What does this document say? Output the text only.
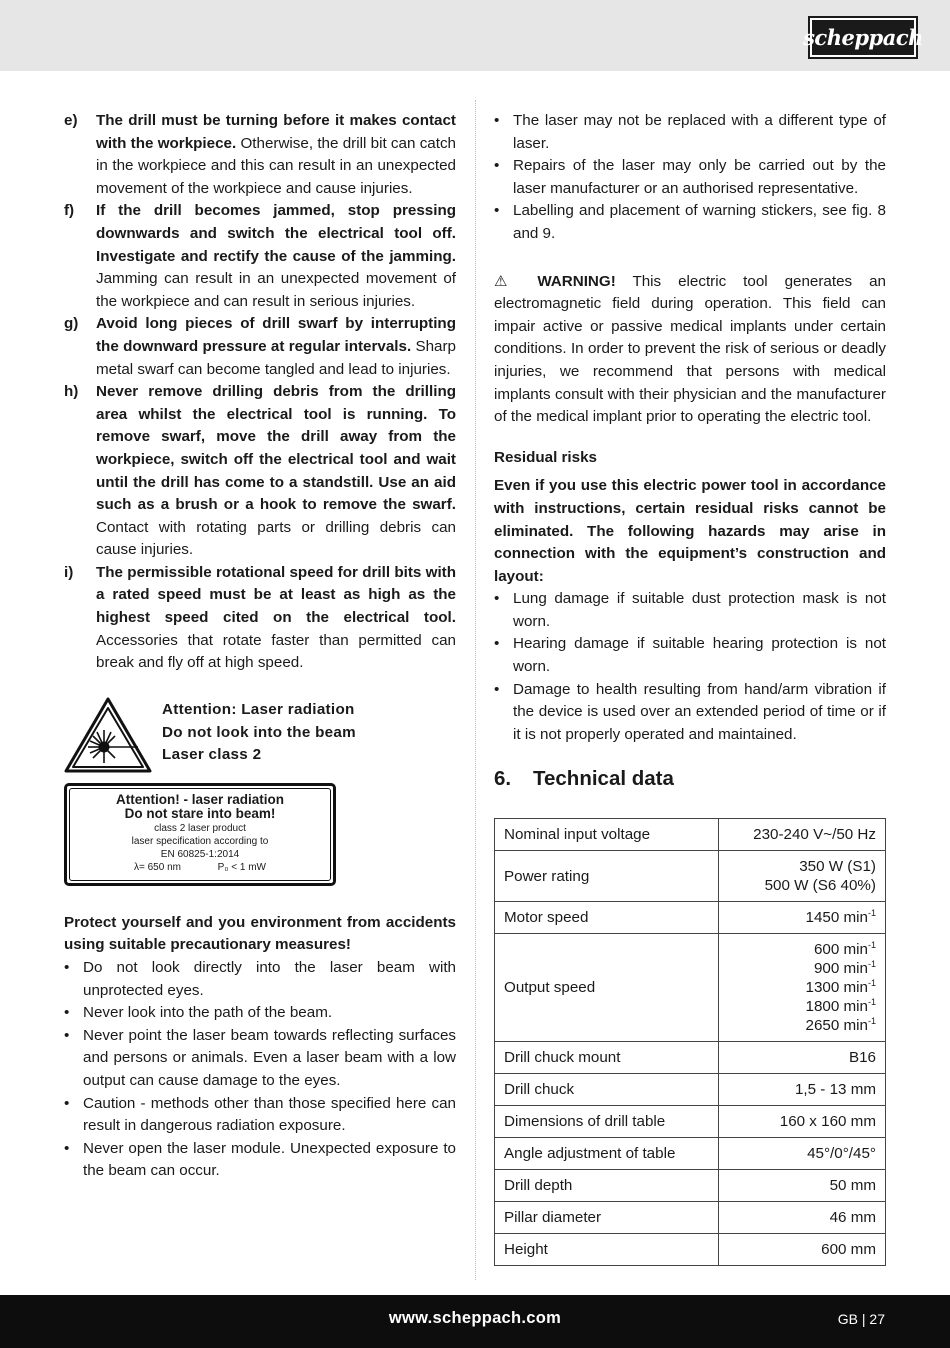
scheppach
e)	The drill must be turning before it makes contact with the workpiece. Otherwise, the drill bit can catch in the workpiece and this can result in an unexpected movement of the workpiece and cause injuries.
f)	If the drill becomes jammed, stop pressing downwards and switch the electrical tool off. Investigate and rectify the cause of the jamming. Jamming can result in an unexpected movement of the workpiece and can result in serious injuries.
g)	Avoid long pieces of drill swarf by interrupting the downward pressure at regular intervals. Sharp metal swarf can become tangled and lead to injuries.
h)	Never remove drilling debris from the drilling area whilst the electrical tool is running. To remove swarf, move the drill away from the workpiece, switch off the electrical tool and wait until the drill has come to a standstill. Use an aid such as a brush or a hook to remove the swarf. Contact with rotating parts or drilling debris can cause injuries.
i)	The permissible rotational speed for drill bits with a rated speed must be at least as high as the highest speed cited on the electrical tool. Accessories that rotate faster than permitted can break and fly off at high speed.
Attention: Laser radiation
Do not look into the beam
Laser class 2
Attention! - laser radiation
Do not stare into beam!
class 2 laser product
laser specification according to
EN 60825-1:2014
λ= 650 nm	P₀ < 1 mW
Protect yourself and you environment from accidents using suitable precautionary measures!
• Do not look directly into the laser beam with unprotected eyes.
• Never look into the path of the beam.
• Never point the laser beam towards reflecting surfaces and persons or animals. Even a laser beam with a low output can cause damage to the eyes.
• Caution - methods other than those specified here can result in dangerous radiation exposure.
• Never open the laser module. Unexpected exposure to the beam can occur.
• The laser may not be replaced with a different type of laser.
• Repairs of the laser may only be carried out by the laser manufacturer or an authorised representative.
• Labelling and placement of warning stickers, see fig. 8 and 9.
⚠ WARNING! This electric tool generates an electromagnetic field during operation. This field can impair active or passive medical implants under certain conditions. In order to prevent the risk of serious or deadly injuries, we recommend that persons with medical implants consult with their physician and the manufacturer of the medical implant prior to operating the electric tool.
Residual risks
Even if you use this electric power tool in accordance with instructions, certain residual risks cannot be eliminated. The following hazards may arise in connection with the equipment’s construction and layout:
• Lung damage if suitable dust protection mask is not worn.
• Hearing damage if suitable hearing protection is not worn.
• Damage to health resulting from hand/arm vibration if the device is used over an extended period of time or if it is not properly operated and maintained.
6.	Technical data
Nominal input voltage	230-240 V~/50 Hz
Power rating	350 W (S1)
500 W (S6 40%)

Motor speed	1450 $\min^{-1}$
Output speed	600 $\min^{-1}$
900 $\min^{-1}$
1300 $\min^{-1}$
1800 $\min^{-1}$
2650 $\min^{-1}$

Drill chuck mount	B16
Drill chuck	1,5 - 13 mm
Dimensions of drill table	160 x 160 mm
Angle adjustment of table	45°/0°/45°
Drill depth	50 mm
Pillar diameter	46 mm
Height	600 mm
www.scheppach.com	GB | 27
